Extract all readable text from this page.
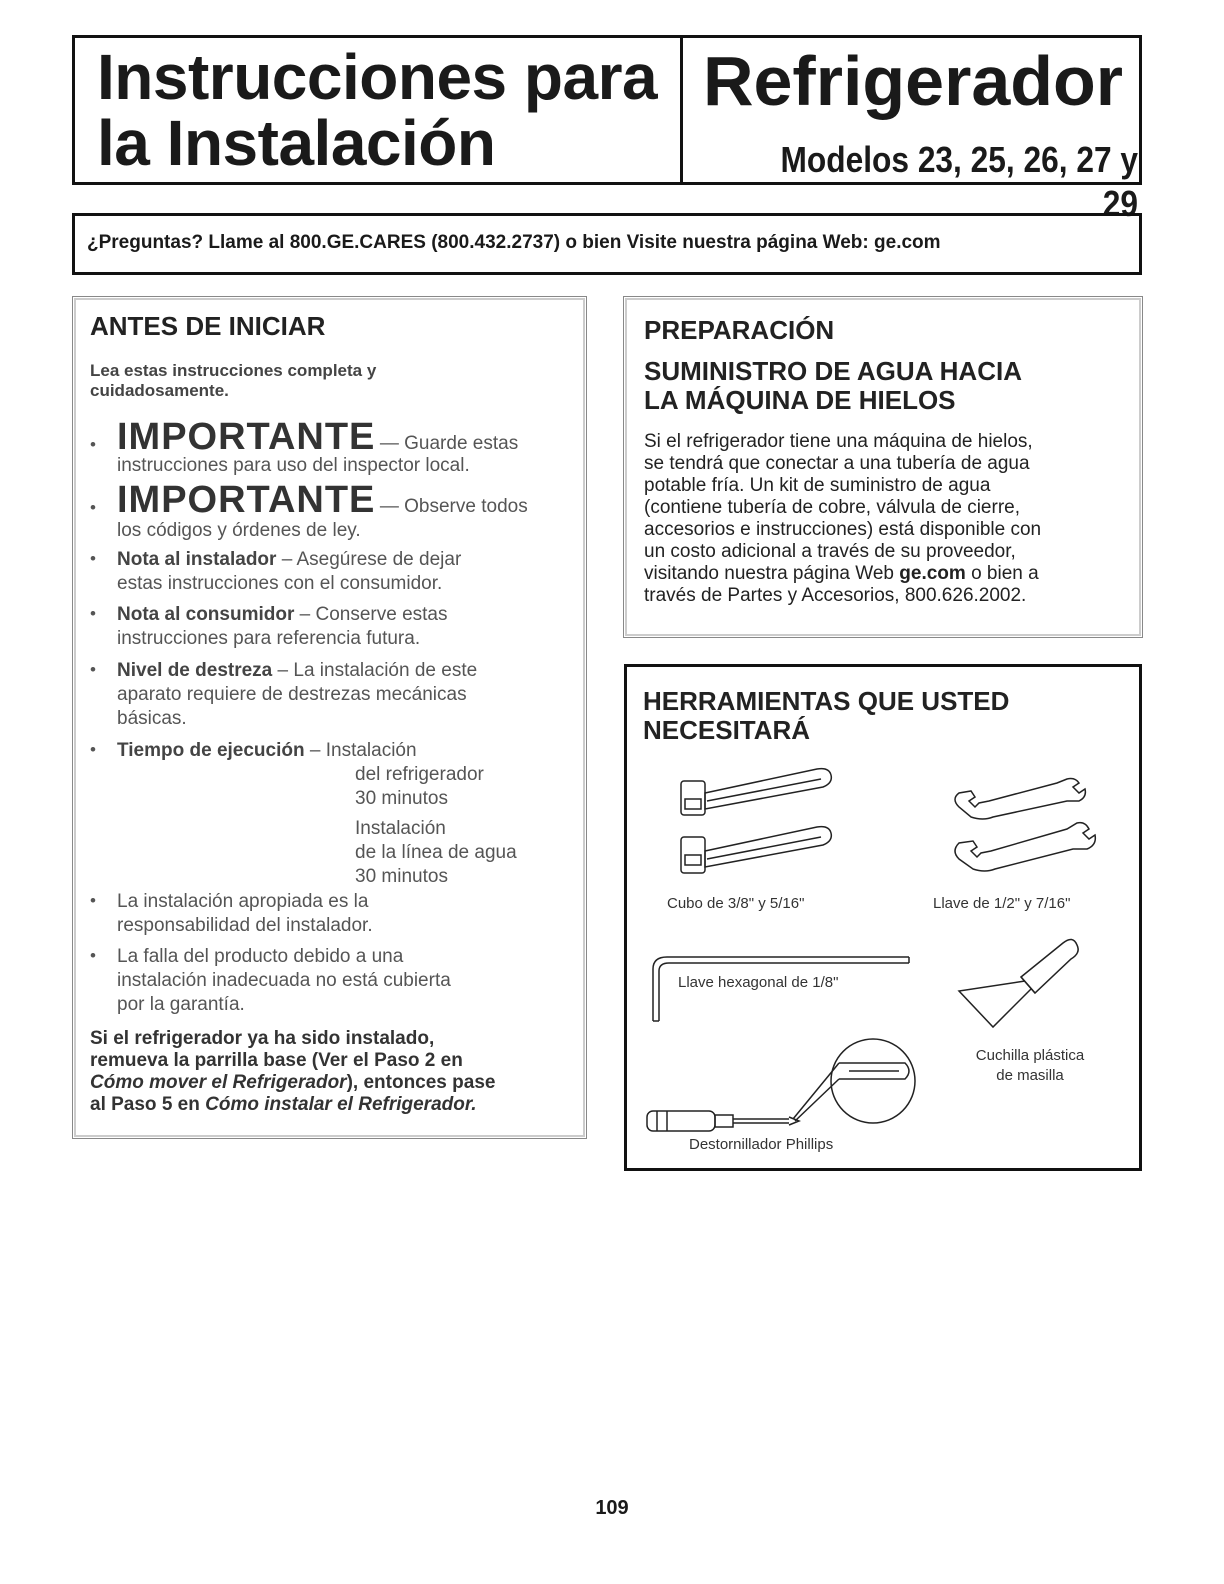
Instrucciones para
la Instalación
Refrigerador
Modelos 23, 25, 26, 27 y 29
¿Preguntas? Llame al 800.GE.CARES (800.432.2737) o bien Visite nuestra página Web: ge.com
ANTES DE INICIAR
Lea estas instrucciones completa y
cuidadosamente.
• IMPORTANTE — Guarde estas
instrucciones para uso del inspector local.
• IMPORTANTE — Observe todos
los códigos y órdenes de ley.
• Nota al instalador – Asegúrese de dejar
estas instrucciones con el consumidor.
• Nota al consumidor – Conserve estas
instrucciones para referencia futura.
• Nivel de destreza – La instalación de este
aparato requiere de destrezas mecánicas
básicas.
• Tiempo de ejecución – Instalación
del refrigerador
30 minutos
Instalación
de la línea de agua
30 minutos
• La instalación apropiada es la
responsabilidad del instalador.
• La falla del producto debido a una
instalación inadecuada no está cubierta
por la garantía.
Si el refrigerador ya ha sido instalado,
remueva la parrilla base (Ver el Paso 2 en
Cómo mover el Refrigerador), entonces pase
al Paso 5 en Cómo instalar el Refrigerador.
PREPARACIÓN
SUMINISTRO DE AGUA HACIA
LA MÁQUINA DE HIELOS
Si el refrigerador tiene una máquina de hielos,
se tendrá que conectar a una tubería de agua
potable fría. Un kit de suministro de agua
(contiene tubería de cobre, válvula de cierre,
accesorios e instrucciones) está disponible con
un costo adicional a través de su proveedor,
visitando nuestra página Web ge.com o bien a
través de Partes y Accesorios, 800.626.2002.
HERRAMIENTAS QUE USTED
NECESITARÁ
Cubo de 3/8" y 5/16"	Llave de 1/2" y 7/16"
Llave hexagonal de 1/8"
Cuchilla plástica
de masilla
Destornillador Phillips
109
